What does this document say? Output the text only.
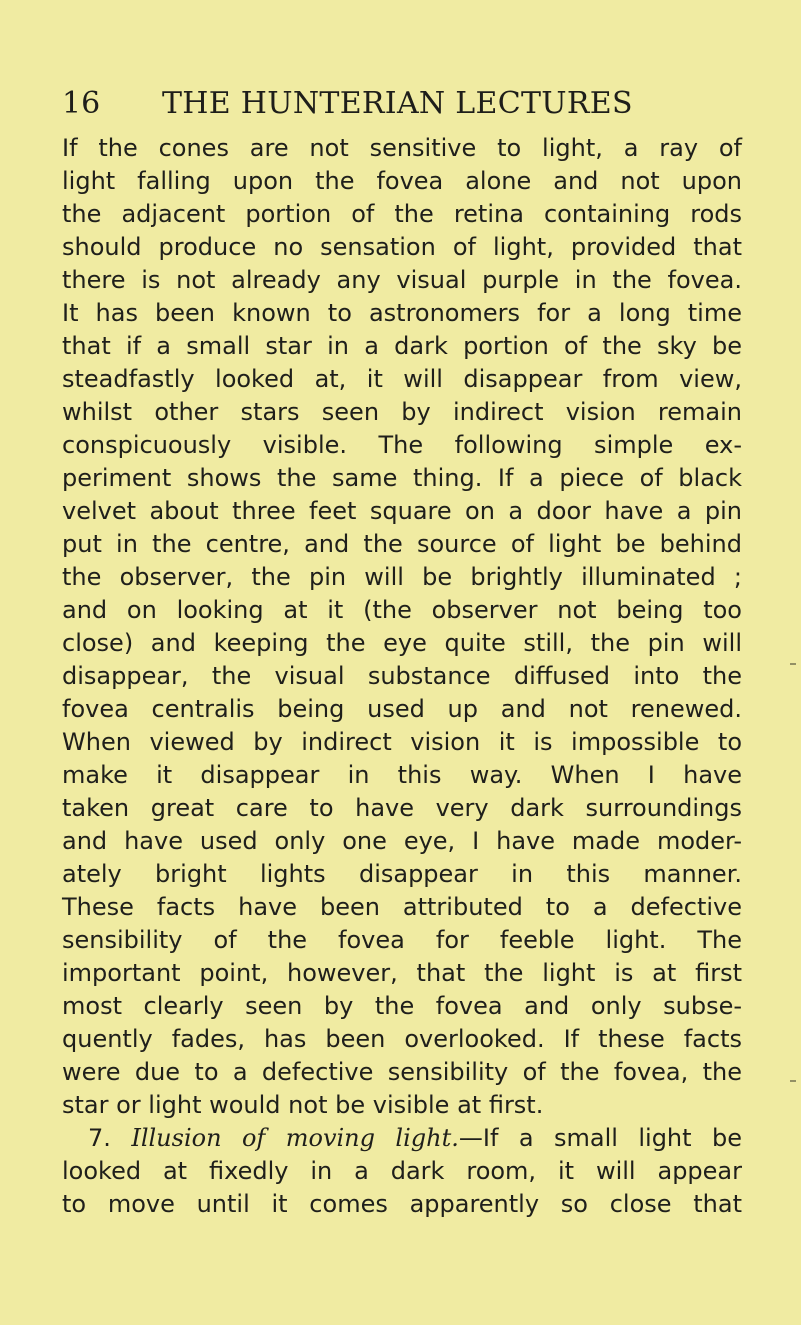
16 THE HUNTERIAN LECTURES
If the cones are not sensitive to light, a ray of
light falling upon the fovea alone and not upon
the adjacent portion of the retina containing rods
should produce no sensation of light, provided that
there is not already any visual purple in the fovea.
It has been known to astronomers for a long time
that if a small star in a dark portion of the sky be
steadfastly looked at, it will disappear from view,
whilst other stars seen by indirect vision remain
conspicuously visible. The following simple ex-
periment shows the same thing. If a piece of black
velvet about three feet square on a door have a pin
put in the centre, and the source of light be behind
the observer, the pin will be brightly illuminated ;
and on looking at it (the observer not being too
close) and keeping the eye quite still, the pin will
disappear, the visual substance diffused into the
fovea centralis being used up and not renewed.
When viewed by indirect vision it is impossible to
make it disappear in this way. When I have
taken great care to have very dark surroundings
and have used only one eye, I have made moder-
ately bright lights disappear in this manner.
These facts have been attributed to a defective
sensibility of the fovea for feeble light. The
important point, however, that the light is at first
most clearly seen by the fovea and only subse-
quently fades, has been overlooked. If these facts
were due to a defective sensibility of the fovea, the
star or light would not be visible at first.
7. Illusion of moving light.—If a small light be
looked at fixedly in a dark room, it will appear
to move until it comes apparently so close that
